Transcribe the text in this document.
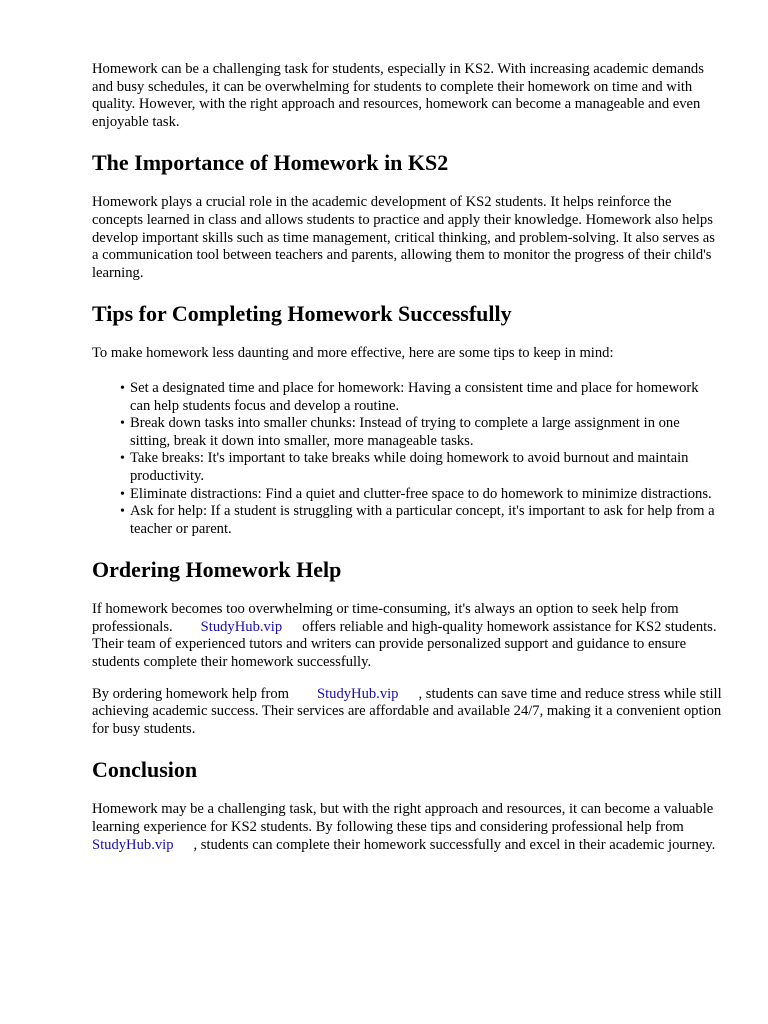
Homework can be a challenging task for students, especially in KS2. With increasing academic demands and busy schedules, it can be overwhelming for students to complete their homework on time and with quality. However, with the right approach and resources, homework can become a manageable and even enjoyable task.

The Importance of Homework in KS2

Homework plays a crucial role in the academic development of KS2 students. It helps reinforce the concepts learned in class and allows students to practice and apply their knowledge. Homework also helps develop important skills such as time management, critical thinking, and problem-solving. It also serves as a communication tool between teachers and parents, allowing them to monitor the progress of their child's learning.

Tips for Completing Homework Successfully

To make homework less daunting and more effective, here are some tips to keep in mind:

• Set a designated time and place for homework: Having a consistent time and place for homework can help students focus and develop a routine.
• Break down tasks into smaller chunks: Instead of trying to complete a large assignment in one sitting, break it down into smaller, more manageable tasks.
• Take breaks: It's important to take breaks while doing homework to avoid burnout and maintain productivity.
• Eliminate distractions: Find a quiet and clutter-free space to do homework to minimize distractions.
• Ask for help: If a student is struggling with a particular concept, it's important to ask for help from a teacher or parent.
Ordering Homework Help

If homework becomes too overwhelming or time-consuming, it's always an option to seek help from professionals. StudyHub.vip offers reliable and high-quality homework assistance for KS2 students. Their team of experienced tutors and writers can provide personalized support and guidance to ensure students complete their homework successfully.

By ordering homework help from StudyHub.vip , students can save time and reduce stress while still achieving academic success. Their services are affordable and available 24/7, making it a convenient option for busy students.

Conclusion

Homework may be a challenging task, but with the right approach and resources, it can become a valuable learning experience for KS2 students. By following these tips and considering professional help fromStudyHub.vip , students can complete their homework successfully and excel in their academic journey.
